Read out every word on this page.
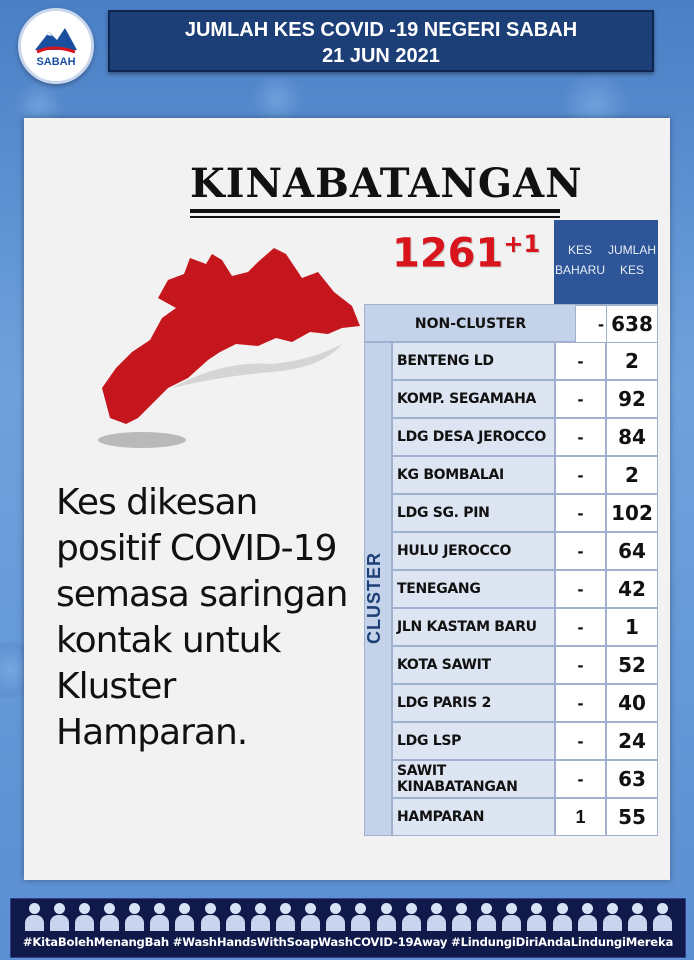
SABAH
JUMLAH KES COVID -19 NEGERI SABAH
21 JUN 2021
KINABATANGAN
$1261^{+1}$
Kes dikesan
positif COVID-19
semasa saringan
kontak untuk
Kluster
Hamparan.
KES
BAHARU
JUMLAH
KES
NON-CLUSTER	- 638
CLUSTER
BENTENG LD	-	2
KOMP. SEGAMAHA	-	92
LDG DESA JEROCCO	-	84
KG BOMBALAI	-	2
LDG SG. PIN	-	102
HULU JEROCCO	-	64
TENEGANG	-	42
JLN KASTAM BARU	-	1
KOTA SAWIT	-	52
LDG PARIS 2	-	40
LDG LSP	-	24
SAWIT KINABATANGAN	-	63
HAMPARAN	1	55
#KitaBolehMenangBah #WashHandsWithSoapWashCOVID-19Away #LindungiDiriAndaLindungiMereka
